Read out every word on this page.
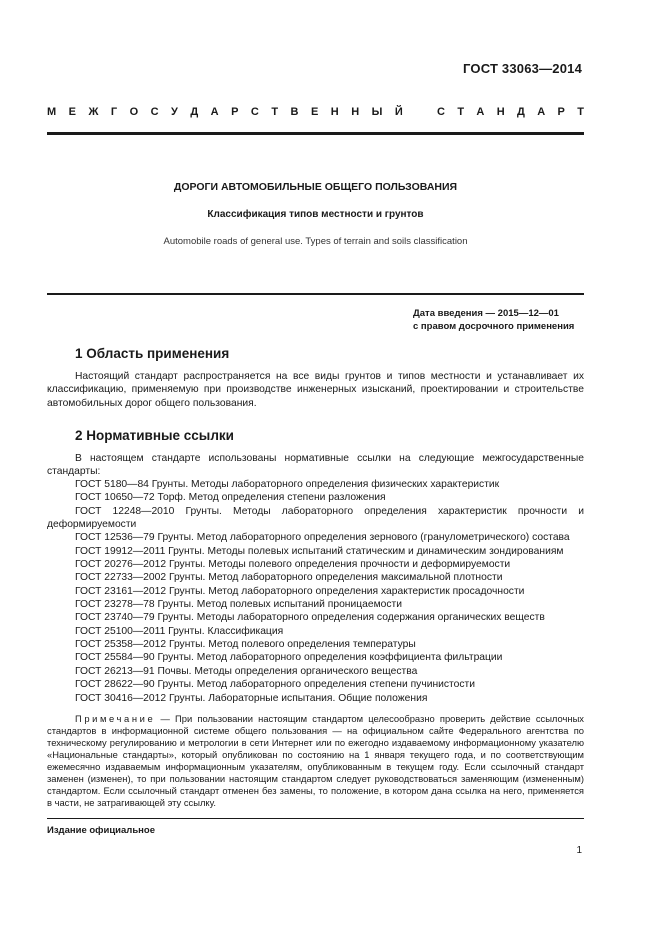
ГОСТ 33063—2014
М Е Ж Г О С У Д А Р С Т В Е Н Н Ы Й	С Т А Н Д А Р Т
ДОРОГИ АВТОМОБИЛЬНЫЕ ОБЩЕГО ПОЛЬЗОВАНИЯ
Классификация типов местности и грунтов
Automobile roads of general use. Types of terrain and soils classification
Дата введения — 2015—12—01
с правом досрочного применения
1 Область применения

Настоящий стандарт распространяется на все виды грунтов и типов местности и устанавливает их классификацию, применяемую при производстве инженерных изысканий, проектировании и строительстве автомобильных дорог общего пользования.

2 Нормативные ссылки

В настоящем стандарте использованы нормативные ссылки на следующие межгосударственные стандарты:

ГОСТ 5180—84 Грунты. Методы лабораторного определения физических характеристик
ГОСТ 10650—72 Торф. Метод определения степени разложения
ГОСТ 12248—2010 Грунты. Методы лабораторного определения характеристик прочности и деформируемости
ГОСТ 12536—79 Грунты. Метод лабораторного определения зернового (гранулометрического) состава
ГОСТ 19912—2011 Грунты. Методы полевых испытаний статическим и динамическим зондированиям
ГОСТ 20276—2012 Грунты. Методы полевого определения прочности и деформируемости
ГОСТ 22733—2002 Грунты. Метод лабораторного определения максимальной плотности
ГОСТ 23161—2012 Грунты. Метод лабораторного определения характеристик просадочности
ГОСТ 23278—78 Грунты. Метод полевых испытаний проницаемости
ГОСТ 23740—79 Грунты. Методы лабораторного определения содержания органических веществ
ГОСТ 25100—2011 Грунты. Классификация
ГОСТ 25358—2012 Грунты. Метод полевого определения температуры
ГОСТ 25584—90 Грунты. Метод лабораторного определения коэффициента фильтрации
ГОСТ 26213—91 Почвы. Методы определения органического вещества
ГОСТ 28622—90 Грунты. Метод лабораторного определения степени пучинистости
ГОСТ 30416—2012 Грунты. Лабораторные испытания. Общие положения

Примечание — При пользовании настоящим стандартом целесообразно проверить действие ссылочных стандартов в информационной системе общего пользования — на официальном сайте Федерального агентства по техническому регулированию и метрологии в сети Интернет или по ежегодно издаваемому информационному указателю «Национальные стандарты», который опубликован по состоянию на 1 января текущего года, и по соответствующим ежемесячно издаваемым информационным указателям, опубликованным в текущем году. Если ссылочный стандарт заменен (изменен), то при пользовании настоящим стандартом следует руководствоваться заменяющим (измененным) стандартом. Если ссылочный стандарт отменен без замены, то положение, в котором дана ссылка на него, применяется в части, не затрагивающей эту ссылку.

Издание официальное
1
